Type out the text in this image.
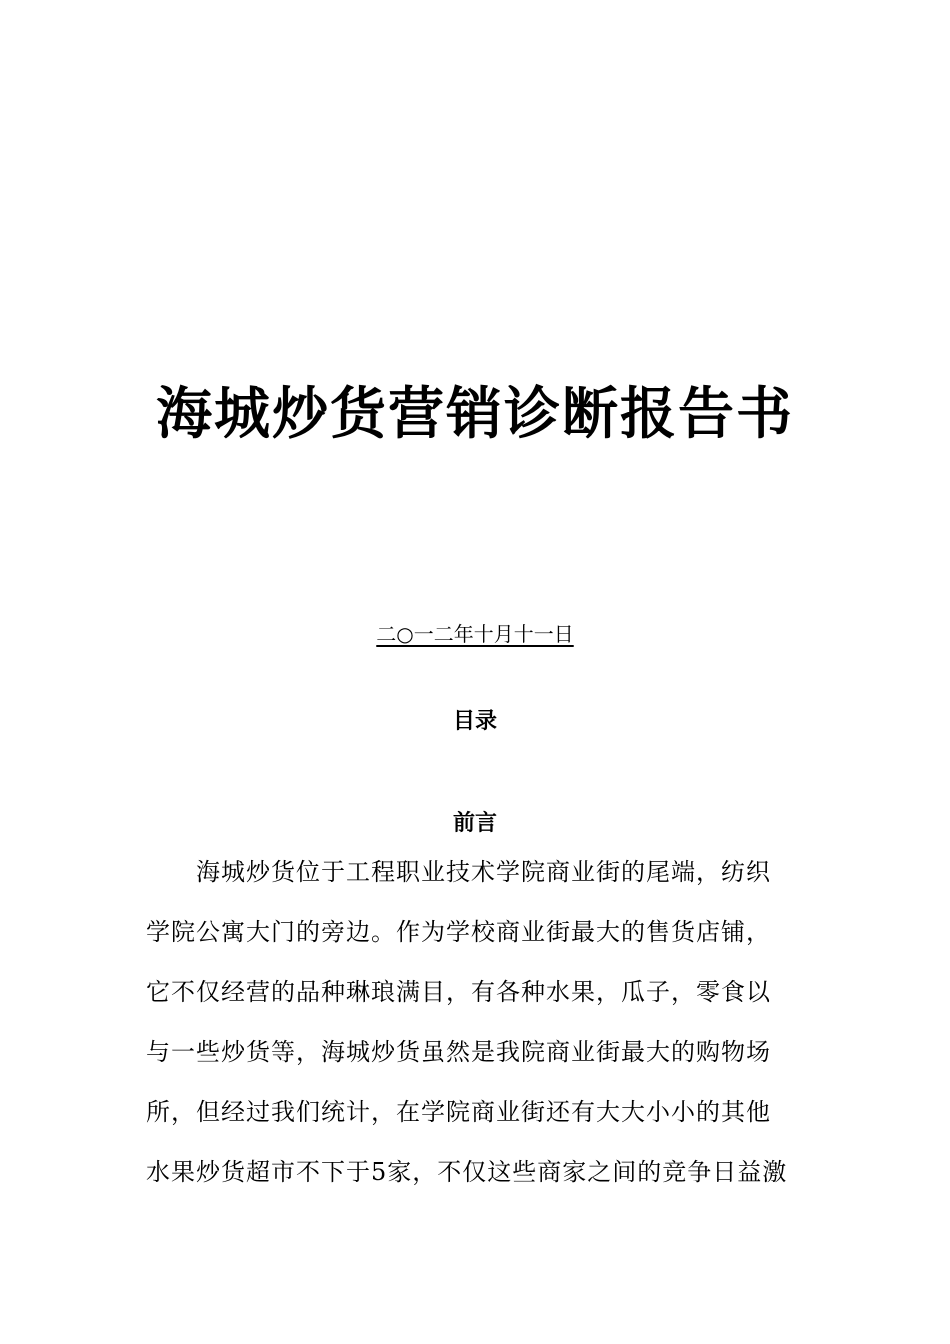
海城炒货营销诊断报告书
二○一二年十月十一日
目录
前言
海城炒货位于工程职业技术学院商业街的尾端，纺织
学院公寓大门的旁边。作为学校商业街最大的售货店铺，
它不仅经营的品种琳琅满目，有各种水果，瓜子，零食以
与一些炒货等，海城炒货虽然是我院商业街最大的购物场
所，但经过我们统计，在学院商业街还有大大小小的其他
水果炒货超市不下于5家，不仅这些商家之间的竞争日益激
